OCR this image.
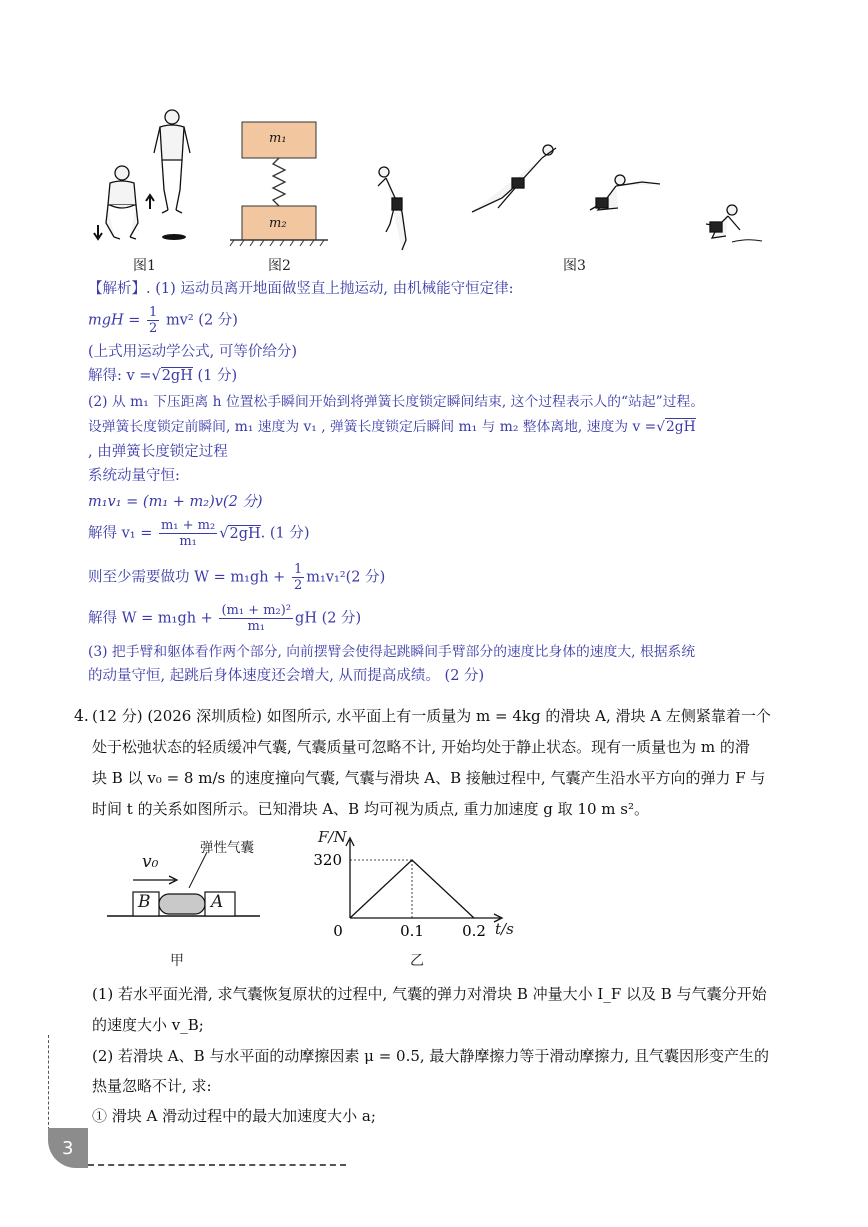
m₁
m₂
图1	图2	图3
【解析】. (1) 运动员离开地面做竖直上抛运动, 由机械能守恒定律:
mgH = $\frac{1}{2} mv^2$ (2 分)
(上式用运动学公式, 可等价给分)
解得: v =√2gH (1 分)
(2) 从 m₁ 下压距离 h 位置松手瞬间开始到将弹簧长度锁定瞬间结束, 这个过程表示人的“站起”过程。
设弹簧长度锁定前瞬间, m₁ 速度为 v₁ , 弹簧长度锁定后瞬间 m₁ 与 m₂ 整体离地, 速度为 v =√2gH
, 由弹簧长度锁定过程
系统动量守恒:
m₁v₁ = (m₁ + m₂)v(2 分)
解得 $v_1 = \frac{\text{m₁ + m₂}}{\text{m₁}} √2gH$. (1 分)
则至少需要做功 $W = m_1gh + \frac{1}{2} m_1v_1^2(2$ 分)
解得 $W = m_1gh + \frac{\text{(m₁ + m₂)²}}{\text{m₁}}$ gH (2 分)
(3) 把手臂和躯体看作两个部分, 向前摆臂会使得起跳瞬间手臂部分的速度比身体的速度大, 根据系统
的动量守恒, 起跳后身体速度还会增大, 从而提高成绩。 (2 分)
4. (12 分) (2026 深圳质检) 如图所示, 水平面上有一质量为 m = 4kg 的滑块 A, 滑块 A 左侧紧靠着一个
处于松弛状态的轻质缓冲气囊, 气囊质量可忽略不计, 开始均处于静止状态。现有一质量也为 m 的滑
块 B 以 v₀ = 8 m/s 的速度撞向气囊, 气囊与滑块 A、B 接触过程中, 气囊产生沿水平方向的弹力 F 与
时间 t 的关系如图所示。已知滑块 A、B 均可视为质点, 重力加速度 g 取 10 m s²。
v₀
弹性气囊
B	A
甲
0	0.1	0.2
320
F/N
t/s
乙
(1) 若水平面光滑, 求气囊恢复原状的过程中, 气囊的弹力对滑块 B 冲量大小 I_F 以及 B 与气囊分开始
的速度大小 v_B;
(2) 若滑块 A、B 与水平面的动摩擦因素 μ = 0.5, 最大静摩擦力等于滑动摩擦力, 且气囊因形变产生的
热量忽略不计, 求:
① 滑块 A 滑动过程中的最大加速度大小 a;
3
